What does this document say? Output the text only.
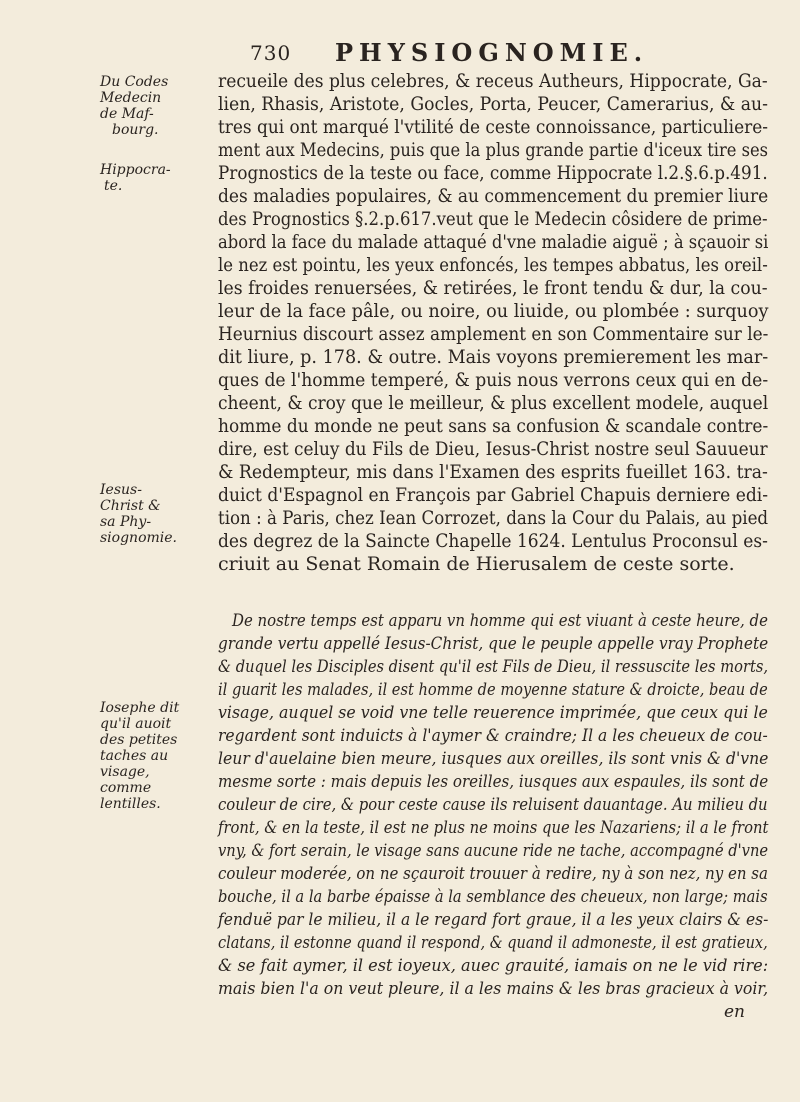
730 PHYSIOGNOMIE.
Du Codes
Medecin
de Maf-
bourg.
Hippocra-
te.
Iesus-
Christ &
sa Phy-
siognomie.
Iosephe dit
qu'il auoit
des petites
taches au
visage,
comme
lentilles.
recueile des plus celebres, & receus Autheurs, Hippocrate, Ga-
lien, Rhasis, Aristote, Gocles, Porta, Peucer, Camerarius, & au-
tres qui ont marqué l'vtilité de ceste connoissance, particuliere-
ment aux Medecins, puis que la plus grande partie d'iceux tire ses
Prognostics de la teste ou face, comme Hippocrate l.2.§.6.p.491.
des maladies populaires, & au commencement du premier liure
des Prognostics §.2.p.617.veut que le Medecin côsidere de prime-
abord la face du malade attaqué d'vne maladie aiguë ; à sçauoir si
le nez est pointu, les yeux enfoncés, les tempes abbatus, les oreil-
les froides renuersées, & retirées, le front tendu & dur, la cou-
leur de la face pâle, ou noire, ou liuide, ou plombée : surquoy
Heurnius discourt assez amplement en son Commentaire sur le-
dit liure, p. 178. & outre. Mais voyons premierement les mar-
ques de l'homme temperé, & puis nous verrons ceux qui en de-
cheent, & croy que le meilleur, & plus excellent modele, auquel
homme du monde ne peut sans sa confusion & scandale contre-
dire, est celuy du Fils de Dieu, Iesus-Christ nostre seul Sauueur
& Redempteur, mis dans l'Examen des esprits fueillet 163. tra-
duict d'Espagnol en François par Gabriel Chapuis derniere edi-
tion : à Paris, chez Iean Corrozet, dans la Cour du Palais, au pied
des degrez de la Saincte Chapelle 1624. Lentulus Proconsul es-
criuit au Senat Romain de Hierusalem de ceste sorte.
De nostre temps est apparu vn homme qui est viuant à ceste heure, de
grande vertu appellé Iesus-Christ, que le peuple appelle vray Prophete
& duquel les Disciples disent qu'il est Fils de Dieu, il ressuscite les morts,
il guarit les malades, il est homme de moyenne stature & droicte, beau de
visage, auquel se void vne telle reuerence imprimée, que ceux qui le
regardent sont induicts à l'aymer & craindre; Il a les cheueux de cou-
leur d'auelaine bien meure, iusques aux oreilles, ils sont vnis & d'vne
mesme sorte : mais depuis les oreilles, iusques aux espaules, ils sont de
couleur de cire, & pour ceste cause ils reluisent dauantage. Au milieu du
front, & en la teste, il est ne plus ne moins que les Nazariens; il a le front
vny, & fort serain, le visage sans aucune ride ne tache, accompagné d'vne
couleur moderée, on ne sçauroit trouuer à redire, ny à son nez, ny en sa
bouche, il a la barbe épaisse à la semblance des cheueux, non large; mais
fenduë par le milieu, il a le regard fort graue, il a les yeux clairs & es-
clatans, il estonne quand il respond, & quand il admoneste, il est gratieux,
& se fait aymer, il est ioyeux, auec grauité, iamais on ne le vid rire:
mais bien l'a on veut pleure, il a les mains & les bras gracieux à voir,
en
